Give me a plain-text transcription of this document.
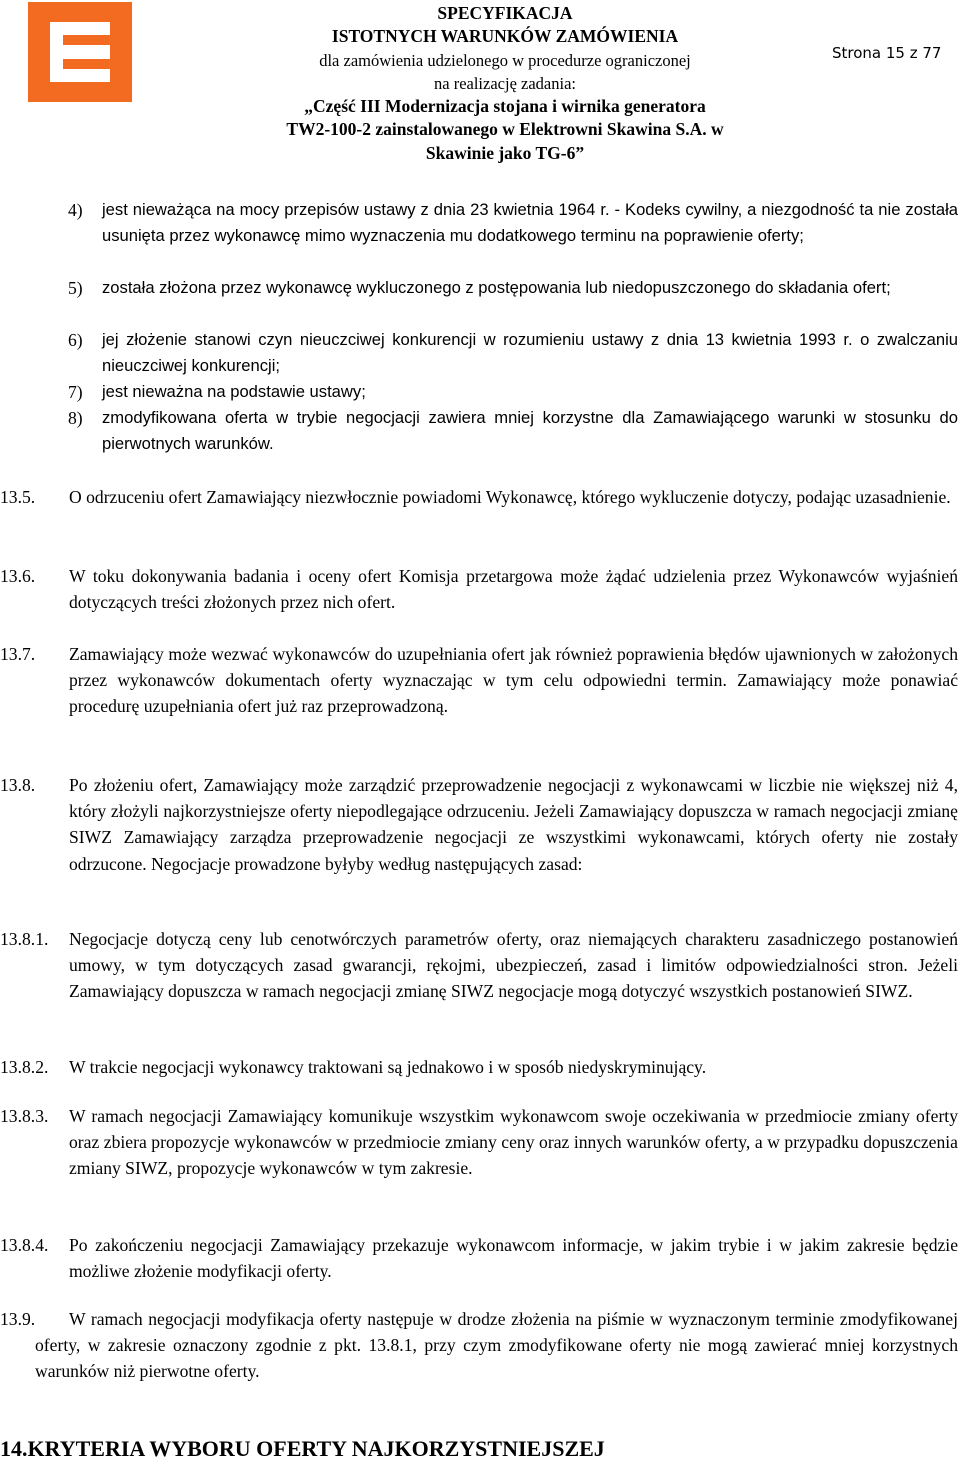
SPECYFIKACJA
ISTOTNYCH WARUNKÓW ZAMÓWIENIA
dla zamówienia udzielonego w procedurze ograniczonej
na realizację zadania:
„Część III Modernizacja stojana i wirnika generatora
TW2-100-2 zainstalowanego w Elektrowni Skawina S.A. w
Skawinie jako TG-6”
Strona 15 z 77
4) jest nieważąca na mocy przepisów ustawy z dnia 23 kwietnia 1964 r. - Kodeks cywilny, a niezgodność ta nie została usunięta przez wykonawcę mimo wyznaczenia mu dodatkowego terminu na poprawienie oferty;
5) została złożona przez wykonawcę wykluczonego z postępowania lub niedopuszczonego do składania ofert;
6) jej złożenie stanowi czyn nieuczciwej konkurencji w rozumieniu ustawy z dnia 13 kwietnia 1993 r. o zwalczaniu nieuczciwej konkurencji;
7) jest nieważna na podstawie ustawy;
8) zmodyfikowana oferta w trybie negocjacji zawiera mniej korzystne dla Zamawiającego warunki w stosunku do pierwotnych warunków.
13.5. O odrzuceniu ofert Zamawiający niezwłocznie powiadomi Wykonawcę, którego wykluczenie dotyczy, podając uzasadnienie.
13.6. W toku dokonywania badania i oceny ofert Komisja przetargowa może żądać udzielenia przez Wykonawców wyjaśnień dotyczących treści złożonych przez nich ofert.
13.7. Zamawiający może wezwać wykonawców do uzupełniania ofert jak również poprawienia błędów ujawnionych w założonych przez wykonawców dokumentach oferty wyznaczając w tym celu odpowiedni termin. Zamawiający może ponawiać procedurę uzupełniania ofert już raz przeprowadzoną.
13.8. Po złożeniu ofert, Zamawiający może zarządzić przeprowadzenie negocjacji z wykonawcami w liczbie nie większej niż 4, który złożyli najkorzystniejsze oferty niepodlegające odrzuceniu. Jeżeli Zamawiający dopuszcza w ramach negocjacji zmianę SIWZ Zamawiający zarządza przeprowadzenie negocjacji ze wszystkimi wykonawcami, których oferty nie zostały odrzucone. Negocjacje prowadzone byłyby według następujących zasad:
13.8.1. Negocjacje dotyczą ceny lub cenotwórczych parametrów oferty, oraz niemających charakteru zasadniczego postanowień umowy, w tym dotyczących zasad gwarancji, rękojmi, ubezpieczeń, zasad i limitów odpowiedzialności stron. Jeżeli Zamawiający dopuszcza w ramach negocjacji zmianę SIWZ negocjacje mogą dotyczyć wszystkich postanowień SIWZ.
13.8.2. W trakcie negocjacji wykonawcy traktowani są jednakowo i w sposób niedyskryminujący.
13.8.3. W ramach negocjacji Zamawiający komunikuje wszystkim wykonawcom swoje oczekiwania w przedmiocie zmiany oferty oraz zbiera propozycje wykonawców w przedmiocie zmiany ceny oraz innych warunków oferty, a w przypadku dopuszczenia zmiany SIWZ, propozycje wykonawców w tym zakresie.
13.8.4. Po zakończeniu negocjacji Zamawiający przekazuje wykonawcom informacje, w jakim trybie i w jakim zakresie będzie możliwe złożenie modyfikacji oferty.
13.9. W ramach negocjacji modyfikacja oferty następuje w drodze złożenia na piśmie w wyznaczonym terminie zmodyfikowanej oferty, w zakresie oznaczony zgodnie z pkt. 13.8.1, przy czym zmodyfikowane oferty nie mogą zawierać mniej korzystnych warunków niż pierwotne oferty.
14.KRYTERIA WYBORU OFERTY NAJKORZYSTNIEJSZEJ
